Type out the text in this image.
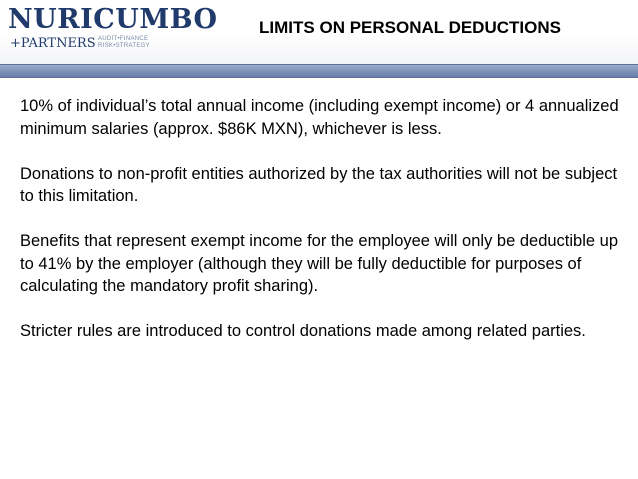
NURICUMBO
+PARTNERS AUDIT•FINANCE
RISK•STRATEGY
LIMITS ON PERSONAL DEDUCTIONS

10% of individual’s total annual income (including exempt income) or 4 annualized minimum salaries (approx. $86K MXN), whichever is less.

Donations to non-profit entities authorized by the tax authorities will not be subject to this limitation.

Benefits that represent exempt income for the employee will only be deductible up to 41% by the employer (although they will be fully deductible for purposes of calculating the mandatory profit sharing).

Stricter rules are introduced to control donations made among related parties.
